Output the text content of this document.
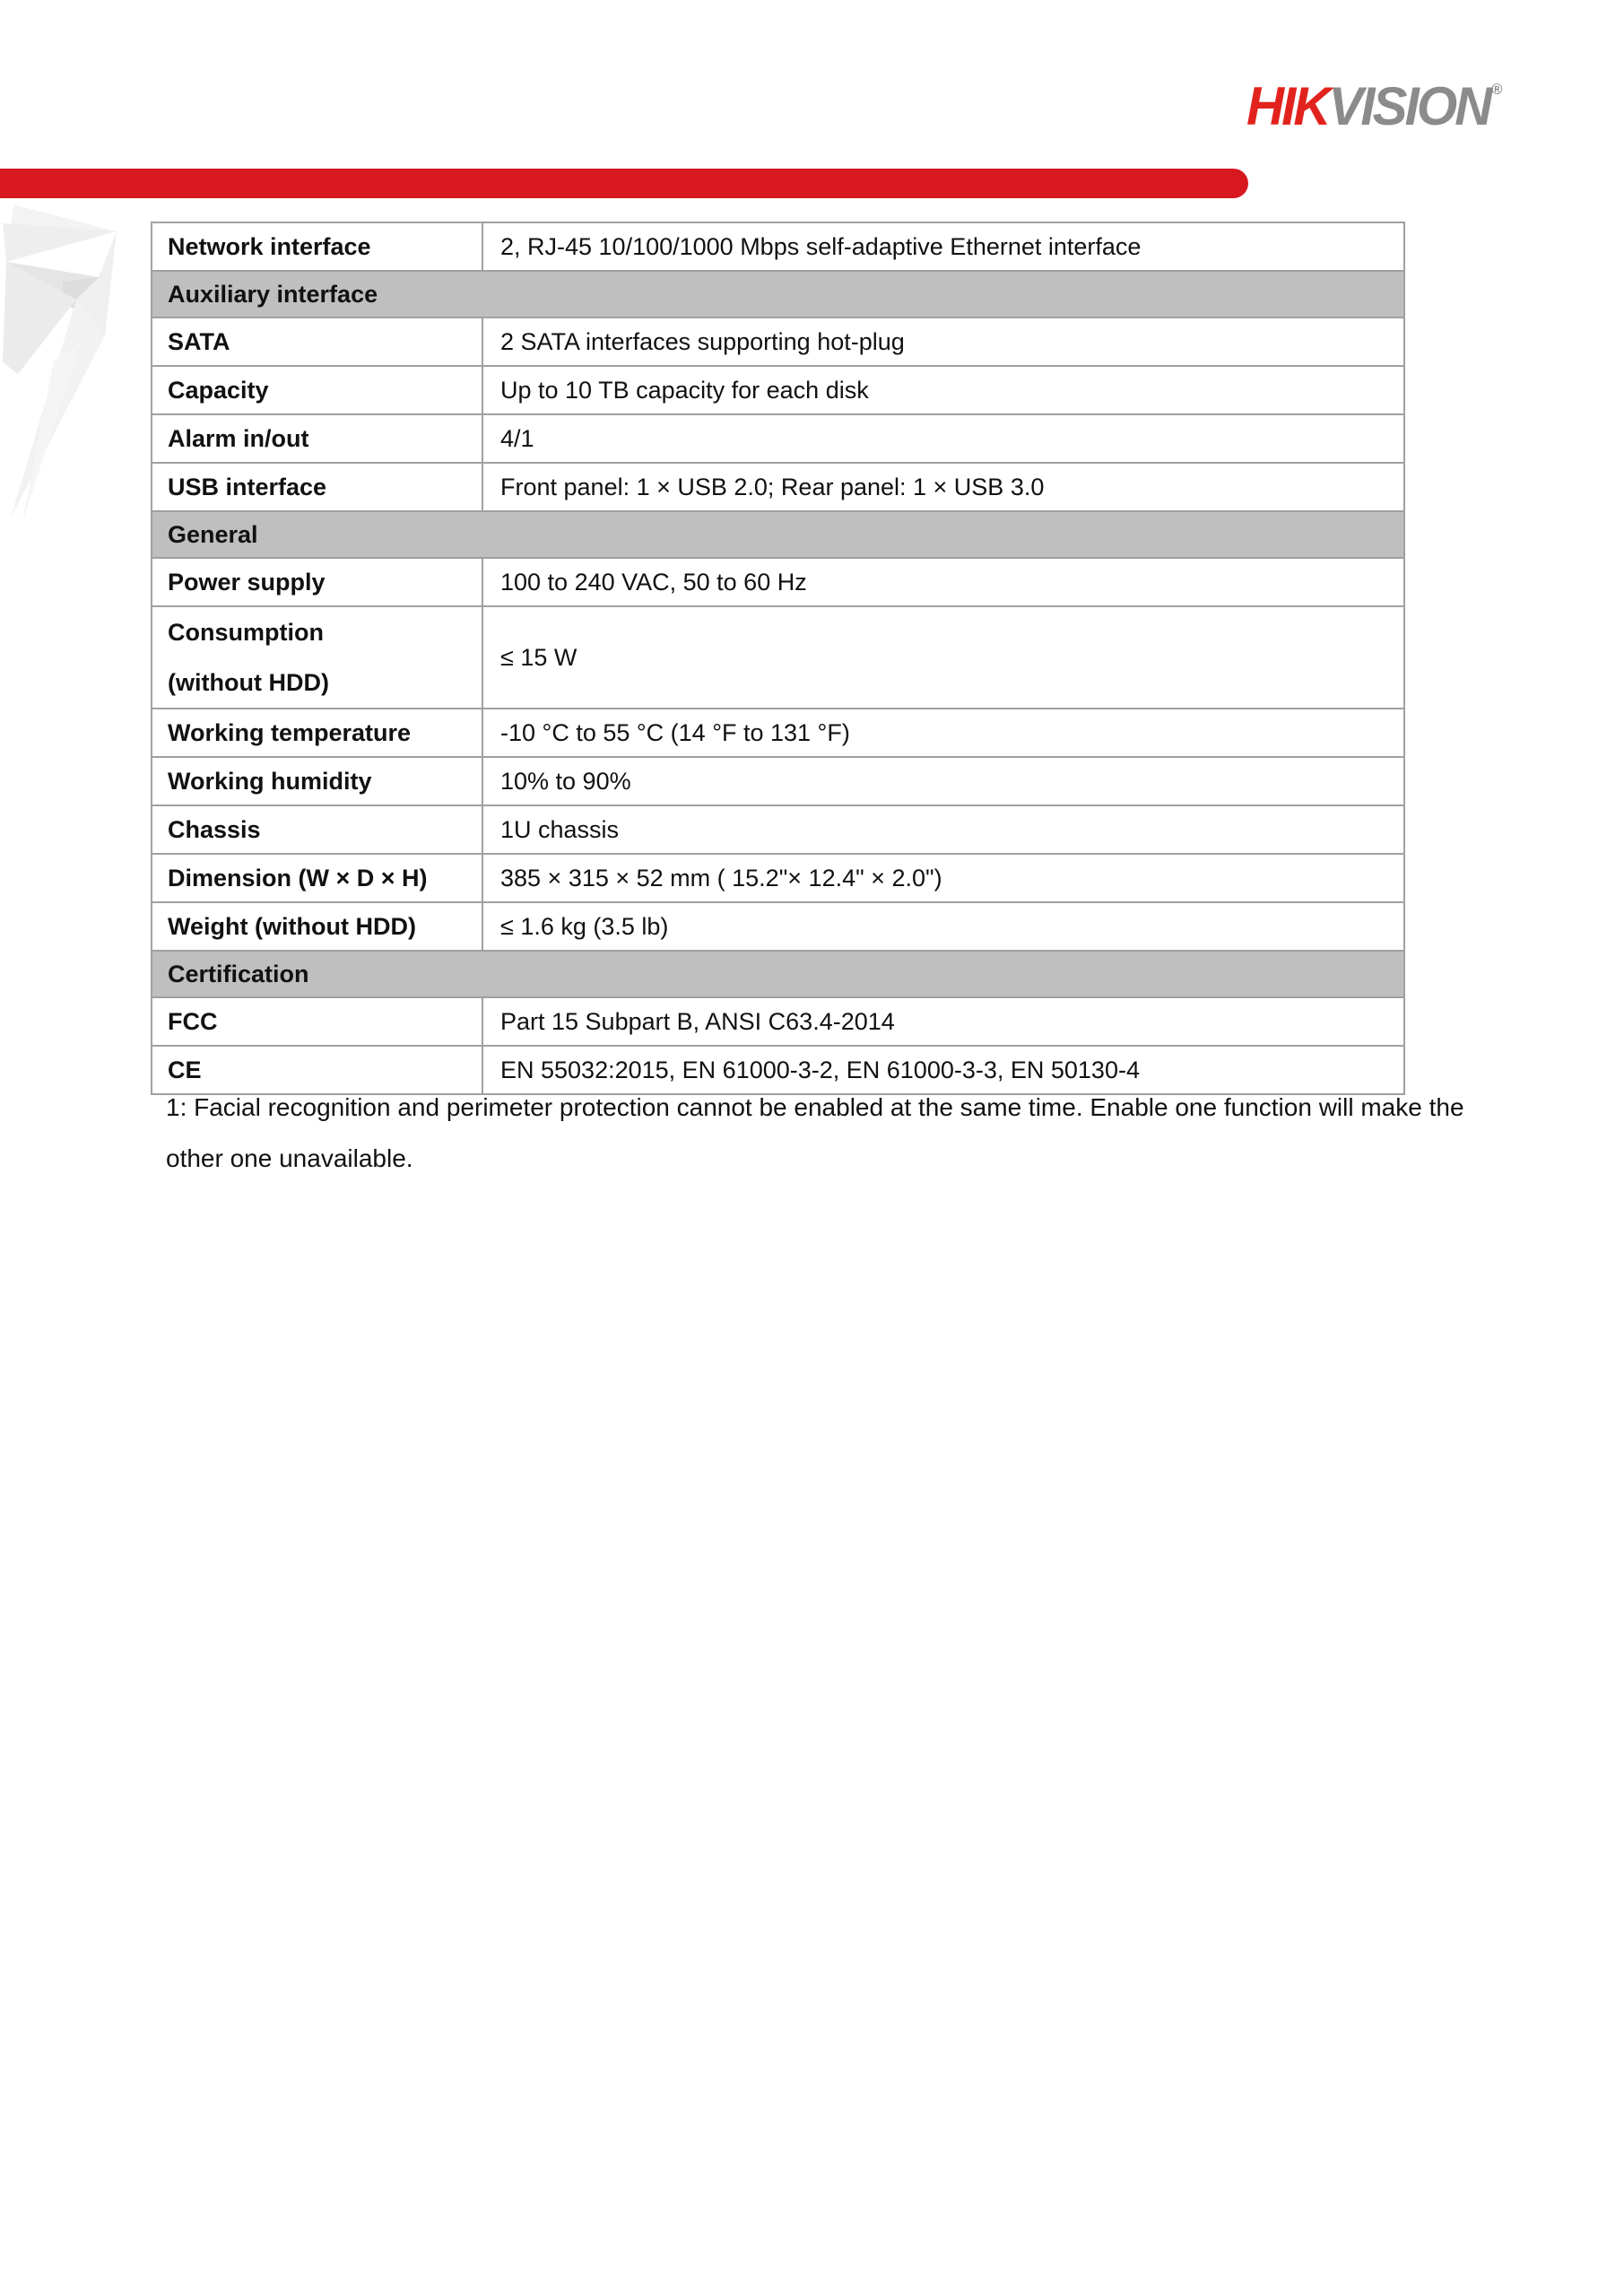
HIKVISION ®
Network interface	2, RJ-45 10/100/1000 Mbps self-adaptive Ethernet interface
Auxiliary interface	

SATA	2 SATA interfaces supporting hot-plug

Capacity	Up to 10 TB capacity for each disk

Alarm in/out	4/1

USB interface	Front panel: 1 × USB 2.0; Rear panel: 1 × USB 3.0
General	

Power supply	100 to 240 VAC, 50 to 60 Hz

Consumption
(without HDD)	≤ 15 W

Working temperature	-10 °C to 55 °C (14 °F to 131 °F)

Working humidity	10% to 90%

Chassis	1U chassis

Dimension (W × D × H)	385 × 315 × 52 mm ( 15.2"× 12.4" × 2.0")

Weight (without HDD)	≤ 1.6 kg (3.5 lb)
Certification	

FCC	Part 15 Subpart B, ANSI C63.4-2014

CE	EN 55032:2015, EN 61000-3-2, EN 61000-3-3, EN 50130-4
1: Facial recognition and perimeter protection cannot be enabled at the same time. Enable one function will make the other one unavailable.
